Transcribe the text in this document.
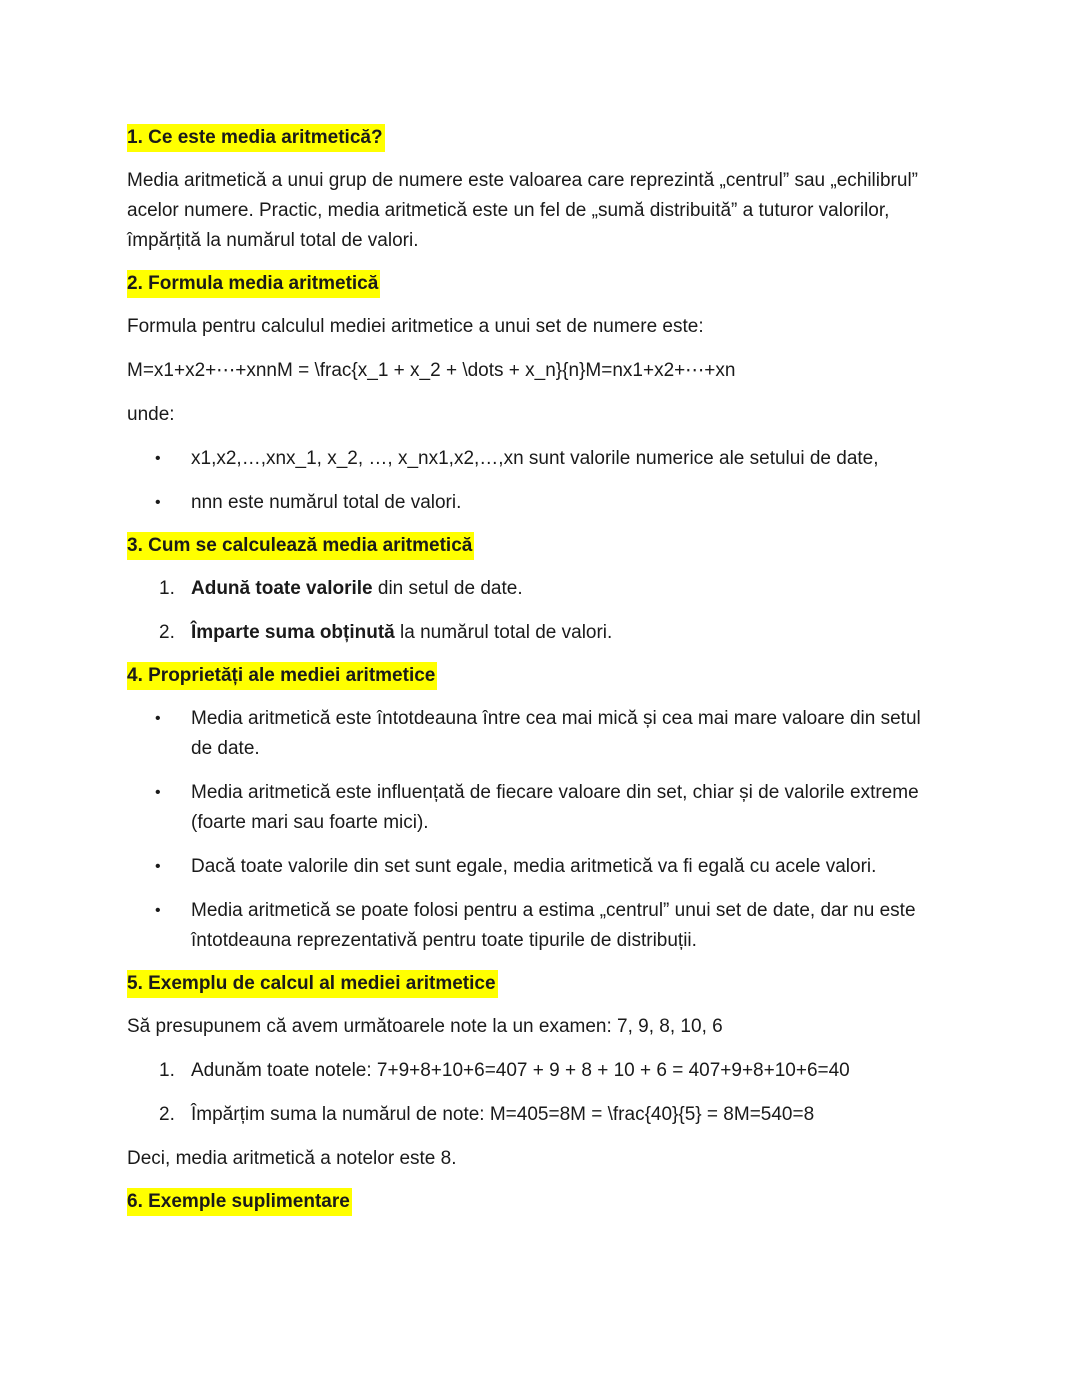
1. Ce este media aritmetică?

Media aritmetică a unui grup de numere este valoarea care reprezintă „centrul” sau „echilibrul” acelor numere. Practic, media aritmetică este un fel de „sumă distribuită” a tuturor valorilor, împărțită la numărul total de valori.

2. Formula media aritmetică

Formula pentru calculul mediei aritmetice a unui set de numere este:

M=x1+x2+⋯+xnnM = \frac{x_1 + x_2 + \dots + x_n}{n}M=nx1+x2+⋯+xn

unde:

• x1,x2,…,xnx_1, x_2, …, x_nx1,x2,…,xn sunt valorile numerice ale setului de date,
• nnn este numărul total de valori.
3. Cum se calculează media aritmetică
1. Adună toate valorile din setul de date.
2. Împarte suma obținută la numărul total de valori.
4. Proprietăți ale mediei aritmetice
• Media aritmetică este întotdeauna între cea mai mică și cea mai mare valoare din setul de date.
• Media aritmetică este influențată de fiecare valoare din set, chiar și de valorile extreme (foarte mari sau foarte mici).
• Dacă toate valorile din set sunt egale, media aritmetică va fi egală cu acele valori.
• Media aritmetică se poate folosi pentru a estima „centrul” unui set de date, dar nu este întotdeauna reprezentativă pentru toate tipurile de distribuții.
5. Exemplu de calcul al mediei aritmetice

Să presupunem că avem următoarele note la un examen: 7, 9, 8, 10, 6

1. Adunăm toate notele: 7+9+8+10+6=407 + 9 + 8 + 10 + 6 = 407+9+8+10+6=40
2. Împărțim suma la numărul de note: M=405=8M = \frac{40}{5} = 8M=540=8

Deci, media aritmetică a notelor este 8.

6. Exemple suplimentare
